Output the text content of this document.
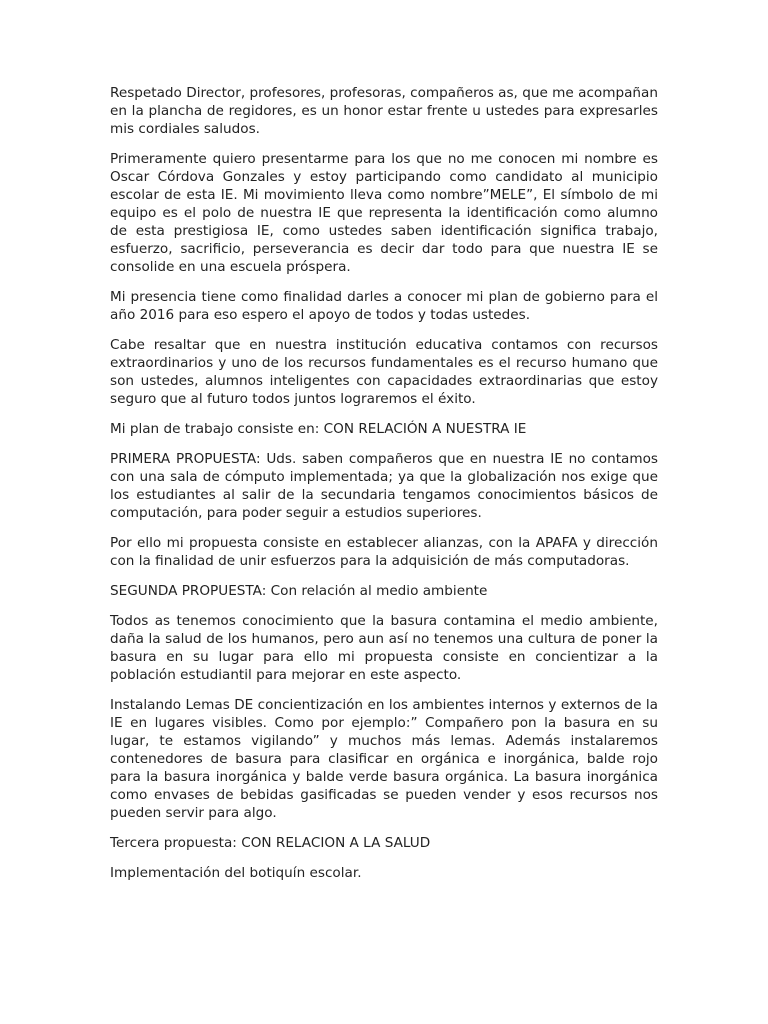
Respetado Director, profesores, profesoras, compañeros as, que me acompañan en la plancha de regidores, es un honor estar frente u ustedes para expresarles mis cordiales saludos.

Primeramente quiero presentarme para los que no me conocen mi nombre es Oscar Córdova Gonzales y estoy participando como candidato al municipio escolar de esta IE. Mi movimiento lleva como nombre”MELE”, El símbolo de mi equipo es el polo de nuestra IE que representa la identificación como alumno de esta prestigiosa IE, como ustedes saben identificación significa trabajo, esfuerzo, sacrificio, perseverancia es decir dar todo para que nuestra IE se consolide en una escuela próspera.

Mi presencia tiene como finalidad darles a conocer mi plan de gobierno para el año 2016 para eso espero el apoyo de todos y todas ustedes.

Cabe resaltar que en nuestra institución educativa contamos con recursos extraordinarios y uno de los recursos fundamentales es el recurso humano que son ustedes, alumnos inteligentes con capacidades extraordinarias que estoy seguro que al futuro todos juntos lograremos el éxito.

Mi plan de trabajo consiste en: CON RELACIÓN A NUESTRA IE

PRIMERA PROPUESTA: Uds. saben compañeros que en nuestra IE no contamos con una sala de cómputo implementada; ya que la globalización nos exige que los estudiantes al salir de la secundaria tengamos conocimientos básicos de computación, para poder seguir a estudios superiores.

Por ello mi propuesta consiste en establecer alianzas, con la APAFA y dirección con la finalidad de unir esfuerzos para la adquisición de más computadoras.

SEGUNDA PROPUESTA: Con relación al medio ambiente

Todos as tenemos conocimiento que la basura contamina el medio ambiente, daña la salud de los humanos, pero aun así no tenemos una cultura de poner la basura en su lugar para ello mi propuesta consiste en concientizar a la población estudiantil para mejorar en este aspecto.

Instalando Lemas DE concientización en los ambientes internos y externos de la IE en lugares visibles. Como por ejemplo:” Compañero pon la basura en su lugar, te estamos vigilando” y muchos más lemas. Además instalaremos contenedores de basura para clasificar en orgánica e inorgánica, balde rojo para la basura inorgánica y balde verde basura orgánica. La basura inorgánica como envases de bebidas gasificadas se pueden vender y esos recursos nos pueden servir para algo.

Tercera propuesta: CON RELACION A LA SALUD

Implementación del botiquín escolar.
